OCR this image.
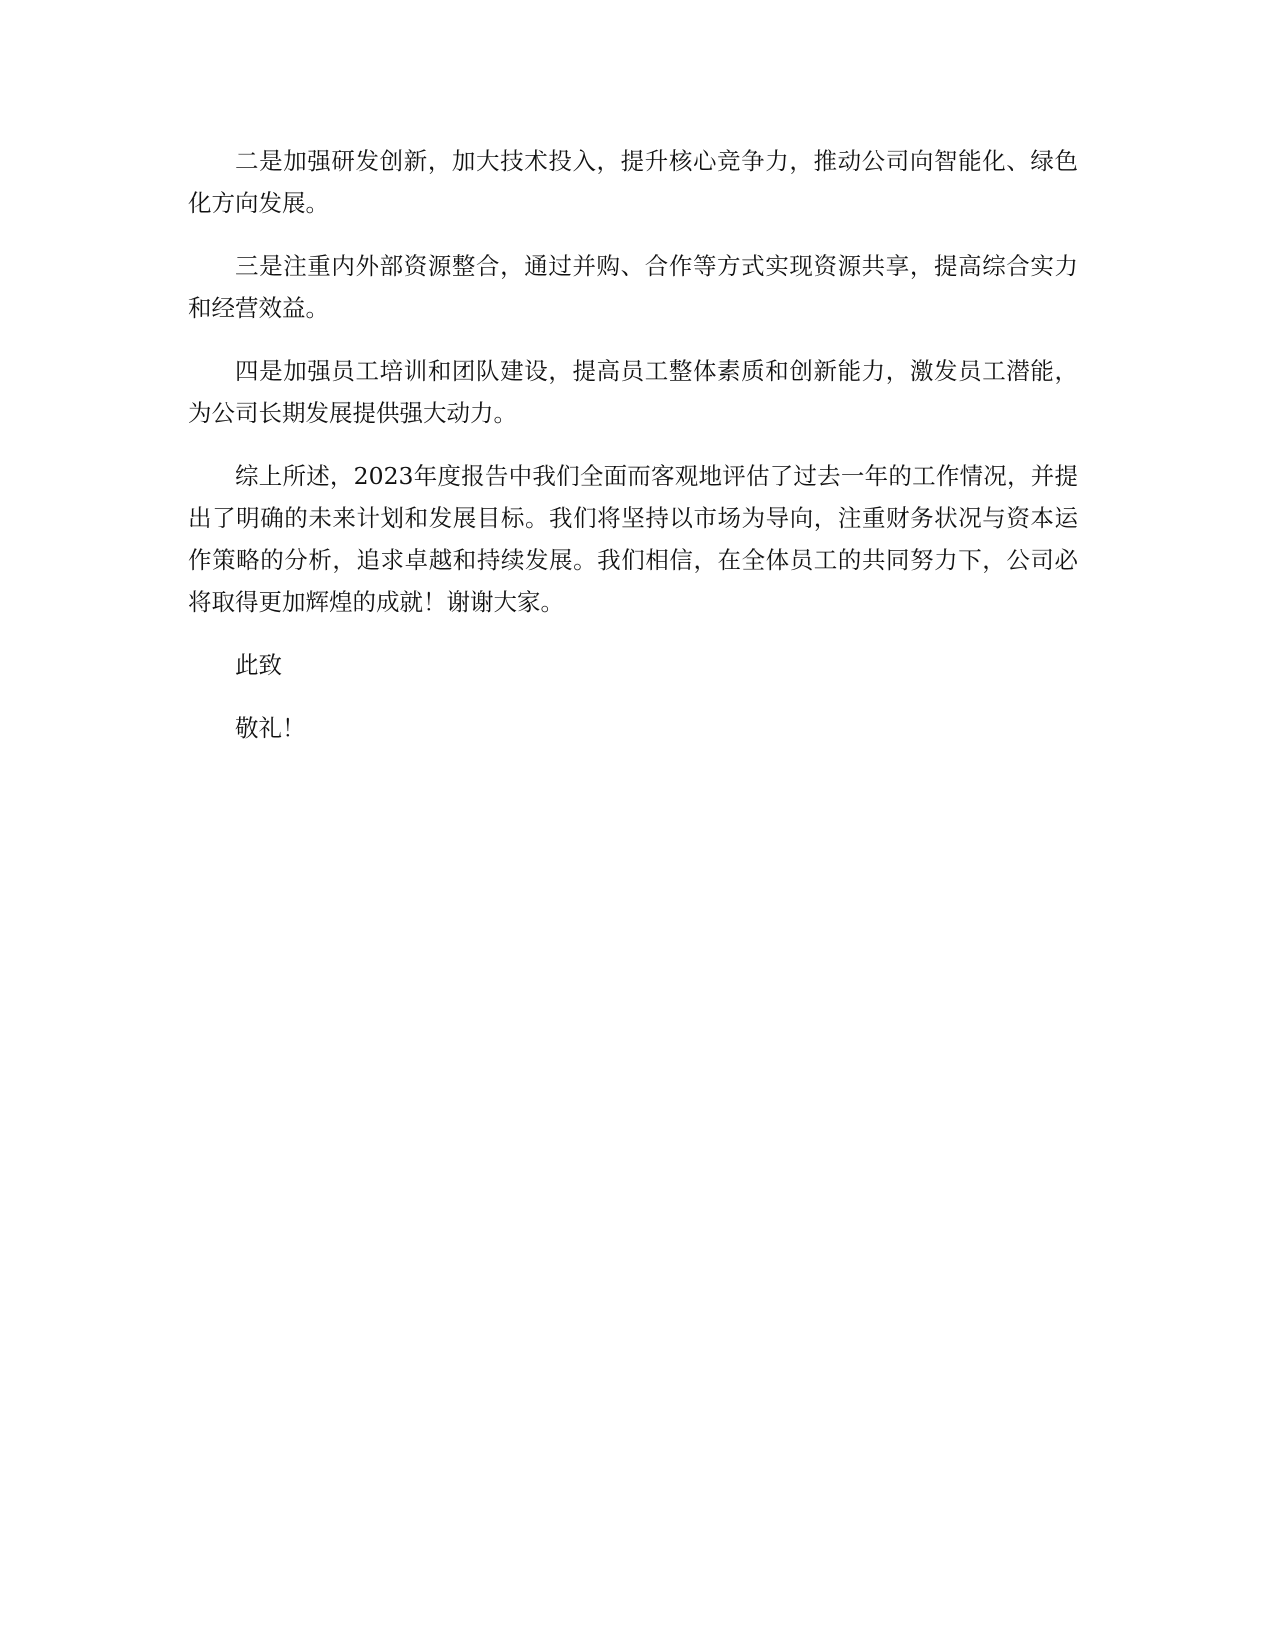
二是加强研发创新，加大技术投入，提升核心竞争力，推动公司向智能化、绿色化方向发展。

三是注重内外部资源整合，通过并购、合作等方式实现资源共享，提高综合实力和经营效益。

四是加强员工培训和团队建设，提高员工整体素质和创新能力，激发员工潜能，为公司长期发展提供强大动力。

综上所述，2023年度报告中我们全面而客观地评估了过去一年的工作情况，并提出了明确的未来计划和发展目标。我们将坚持以市场为导向，注重财务状况与资本运作策略的分析，追求卓越和持续发展。我们相信，在全体员工的共同努力下，公司必将取得更加辉煌的成就！谢谢大家。

此致

敬礼！
